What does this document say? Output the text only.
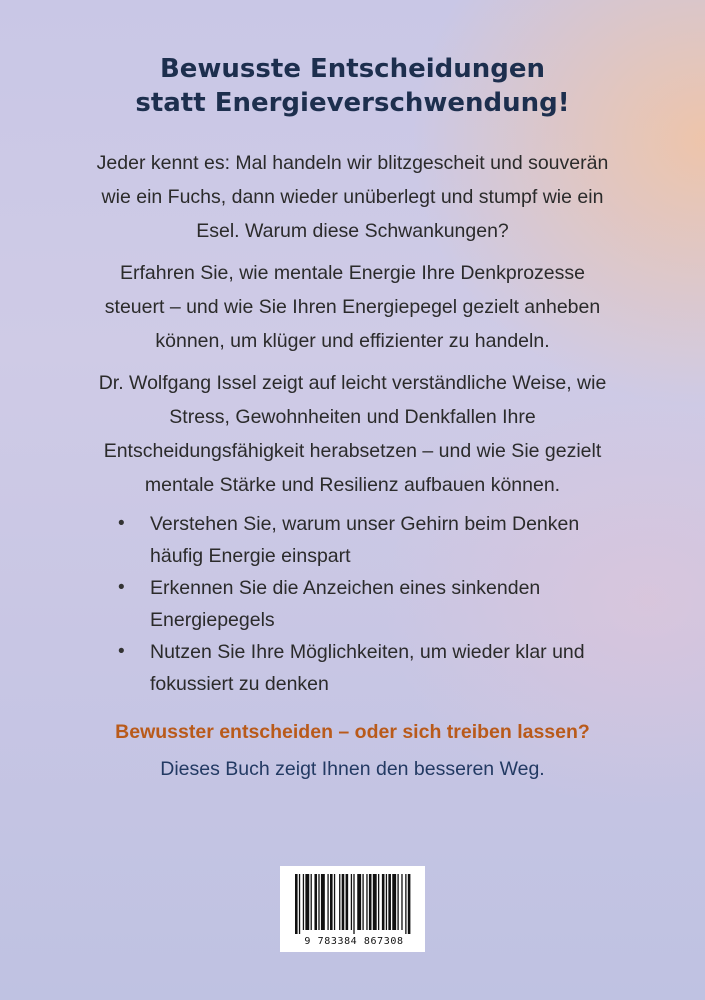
Bewusste Entscheidungen
statt Energieverschwendung!

Jeder kennt es: Mal handeln wir blitzgescheit und souverän
wie ein Fuchs, dann wieder unüberlegt und stumpf wie ein
Esel. Warum diese Schwankungen?

Erfahren Sie, wie mentale Energie Ihre Denkprozesse
steuert – und wie Sie Ihren Energiepegel gezielt anheben
können, um klüger und effizienter zu handeln.

Dr. Wolfgang Issel zeigt auf leicht verständliche Weise, wie
Stress, Gewohnheiten und Denkfallen Ihre
Entscheidungsfähigkeit herabsetzen – und wie Sie gezielt
mentale Stärke und Resilienz aufbauen können.

•	Verstehen Sie, warum unser Gehirn beim Denken
häufig Energie einspart
•	Erkennen Sie die Anzeichen eines sinkenden
Energiepegels
•	Nutzen Sie Ihre Möglichkeiten, um wieder klar und
fokussiert zu denken

Bewusster entscheiden – oder sich treiben lassen?

Dieses Buch zeigt Ihnen den besseren Weg.

9 783384 867308
